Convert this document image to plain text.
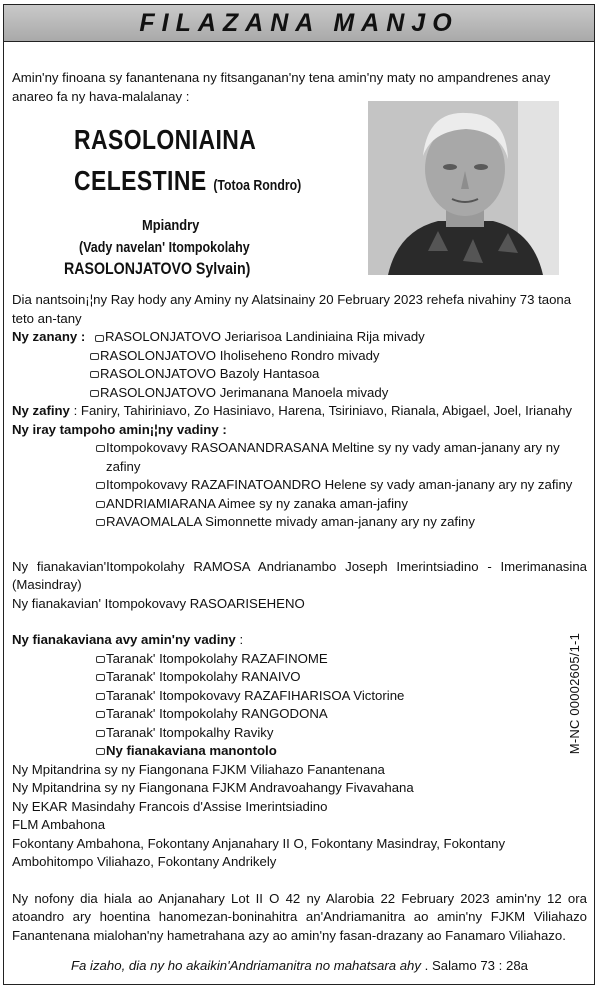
FILAZANA MANJO
Amin'ny finoana sy fanantenana ny fitsanganan'ny tena amin'ny maty no ampandrenes anay anareo fa ny hava-malalanay :
RASOLONIAINA
CELESTINE (Totoa Rondro)
Mpiandry
(Vady navelan' Itompokolahy
RASOLONJATOVO Sylvain)
Dia nantsoin¡¦ny Ray hody any Aminy ny Alatsinainy 20 February 2023 rehefa nivahiny 73 taona teto an-tany
Ny zanany : RASOLONJATOVO Jeriarisoa Landiniaina Rija mivady
RASOLONJATOVO Iholiseheno Rondro mivady
RASOLONJATOVO Bazoly Hantasoa
RASOLONJATOVO Jerimanana Manoela mivady
Ny zafiny : Faniry, Tahiriniavo, Zo Hasiniavo, Harena, Tsiriniavo, Rianala, Abigael, Joel, Irianahy
Ny iray tampoho amin¡¦ny vadiny :
Itompokovavy RASOANANDRASANA Meltine sy ny vady aman-janany ary ny zafiny
Itompokovavy RAZAFINATOANDRO Helene sy vady aman-janany ary ny zafiny
ANDRIAMIARANA Aimee sy ny zanaka aman-jafiny
RAVAOMALALA Simonnette mivady aman-janany ary ny zafiny
Ny fianakavian'Itompokolahy RAMOSA Andrianambo Joseph Imerintsiadino - Imerimanasina (Masindray)
Ny fianakavian' Itompokovavy RASOARISEHENO
Ny fianakaviana avy amin'ny vadiny :
Taranak' Itompokolahy RAZAFINOME
Taranak' Itompokolahy RANAIVO
Taranak' Itompokovavy RAZAFIHARISOA Victorine
Taranak' Itompokolahy RANGODONA
Taranak' Itompokalhy Raviky
Ny fianakaviana manontolo
Ny Mpitandrina sy ny Fiangonana FJKM Viliahazo Fanantenana
Ny Mpitandrina sy ny Fiangonana FJKM Andravoahangy Fivavahana
Ny EKAR Masindahy Francois d'Assise Imerintsiadino
FLM Ambahona
Fokontany Ambahona, Fokontany Anjanahary II O, Fokontany Masindray, Fokontany Ambohitompo Viliahazo, Fokontany Andrikely
Ny nofony dia hiala ao Anjanahary Lot II O 42 ny Alarobia 22 February 2023 amin'ny 12 ora atoandro ary hoentina hanomezan-boninahitra an'Andriamanitra ao amin'ny FJKM Viliahazo Fanantenana mialohan'ny hametrahana azy ao amin'ny fasan-drazany ao Fanamaro Viliahazo.
Fa izaho, dia ny ho akaikin'Andriamanitra no mahatsara ahy . Salamo 73 : 28a
M-NC 00002605/1-1
